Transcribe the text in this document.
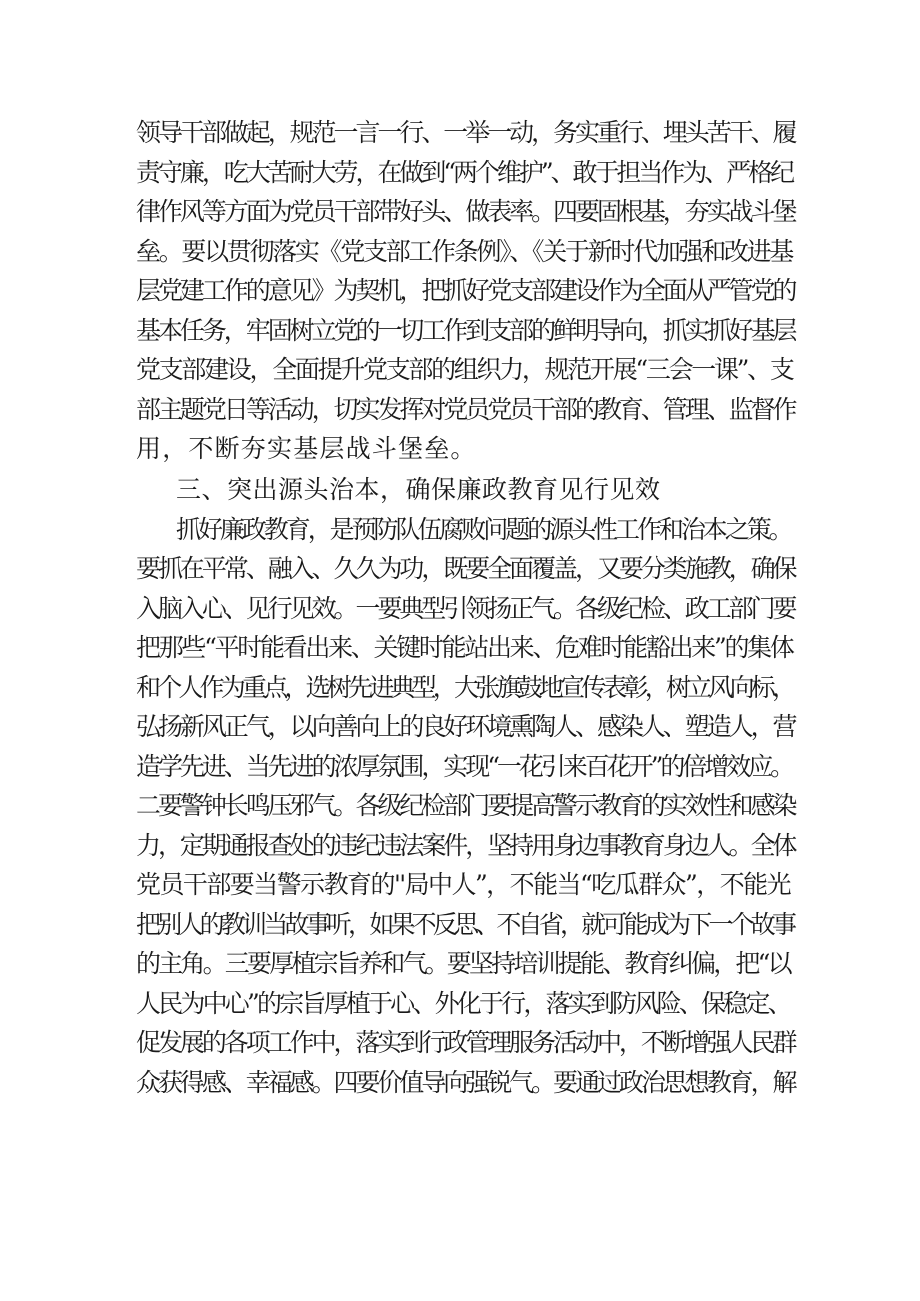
领导干部做起，规范一言一行、一举一动，务实重行、埋头苦干、履
责守廉，吃大苦耐大劳，在做到“两个维护”、敢于担当作为、严格纪
律作风等方面为党员干部带好头、做表率。四要固根基，夯实战斗堡
垒。要以贯彻落实《党支部工作条例》、《关于新时代加强和改进基
层党建工作的意见》为契机，把抓好党支部建设作为全面从严管党的
基本任务，牢固树立党的一切工作到支部的鲜明导向，抓实抓好基层
党支部建设，全面提升党支部的组织力，规范开展“三会一课”、支
部主题党日等活动，切实发挥对党员党员干部的教育、管理、监督作
用，不断夯实基层战斗堡垒。
三、突出源头治本，确保廉政教育见行见效
抓好廉政教育，是预防队伍腐败问题的源头性工作和治本之策。
要抓在平常、融入、久久为功，既要全面覆盖，又要分类施教，确保
入脑入心、见行见效。一要典型引领扬正气。各级纪检、政工部门要
把那些“平时能看出来、关键时能站出来、危难时能豁出来”的集体
和个人作为重点，选树先进典型，大张旗鼓地宣传表彰，树立风向标，
弘扬新风正气，以向善向上的良好环境熏陶人、感染人、塑造人，营
造学先进、当先进的浓厚氛围，实现“一花引来百花开”的倍增效应。
二要警钟长鸣压邪气。各级纪检部门要提高警示教育的实效性和感染
力，定期通报查处的违纪违法案件，坚持用身边事教育身边人。全体
党员干部要当警示教育的''局中人”，不能当“吃瓜群众”，不能光
把别人的教训当故事听，如果不反思、不自省，就可能成为下一个故事
的主角。三要厚植宗旨养和气。要坚持培训提能、教育纠偏，把“以
人民为中心”的宗旨厚植于心、外化于行，落实到防风险、保稳定、
促发展的各项工作中，落实到行政管理服务活动中，不断增强人民群
众获得感、幸福感。四要价值导向强锐气。要通过政治思想教育，解
